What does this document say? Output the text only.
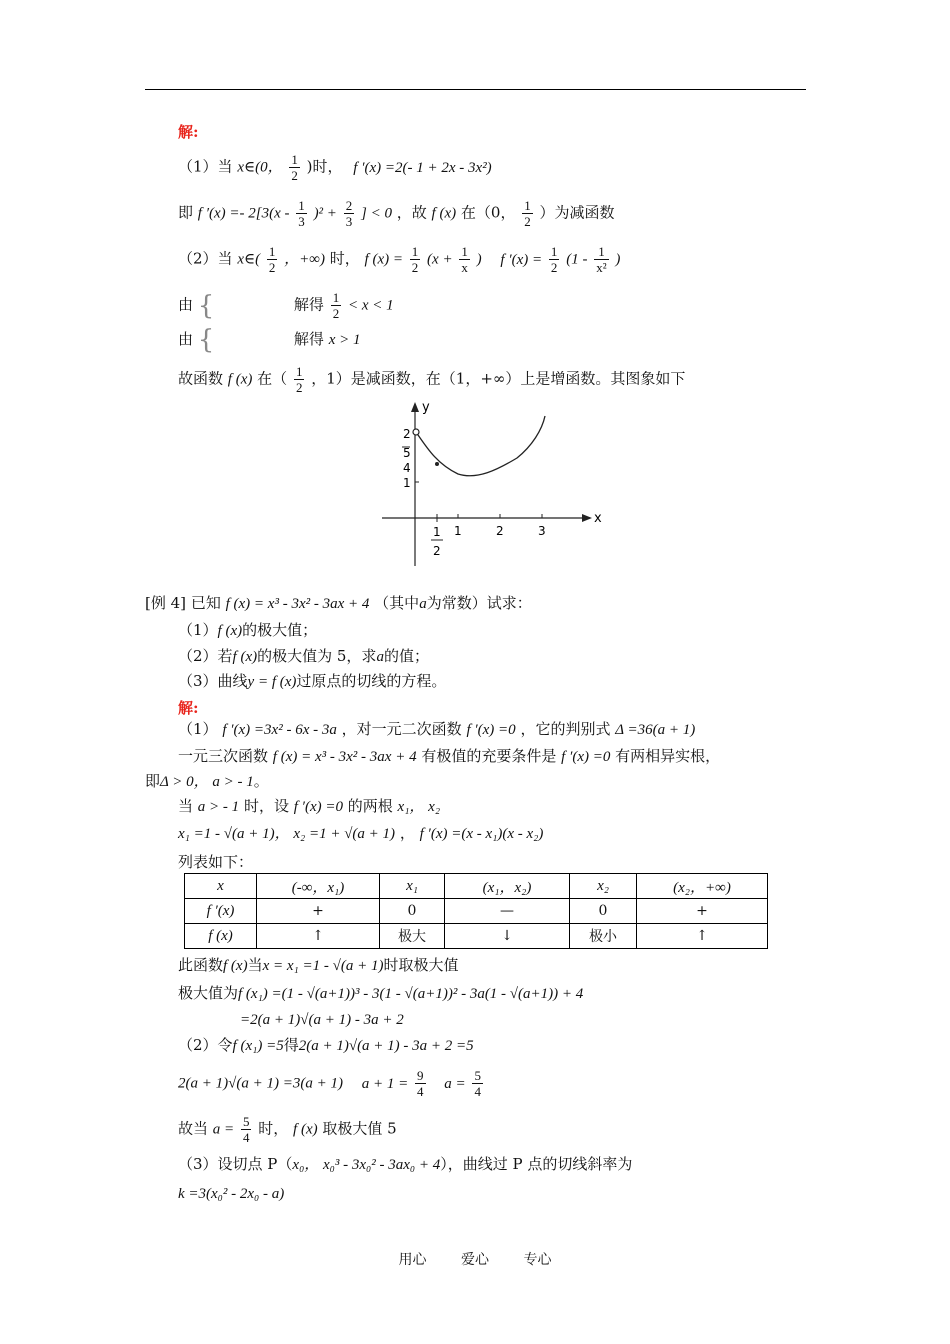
解:
（1）当 x∈(0， $\frac{1}{2}$ )时， f ′(x) =2(- 1 + 2x - 3x²)
即 f $'(x) =- 2[3(x - \frac{1}{3} )^2 + \frac{2}{3}$ ] < 0 ，故 f (x) 在（0， $\frac{1}{2}$ ）为减函数
（2）当 x∈( $\frac{1}{2}$ ，+∞) 时， f $(x) = \frac{1}{2} (x + \frac{1}{x}$ ) f $'(x) = \frac{1}{2} (1 - \frac{1}{\text{x²}}$ )
由 {	解得 $\frac{1}{2} < x < 1$
由 {	解得 x > 1
故函数 f (x) 在（ $\frac{1}{2}$ ，1）是减函数，在（1，+∞）上是增函数。其图象如下
y
x
2
5
4
1
1
2
1	2	3
[例 4] 已知 f (x) = x³ - 3x² - 3ax + 4 （其中a为常数）试求：
（1）f (x)的极大值；
（2）若f (x)的极大值为 5，求a的值；
（3）曲线y = f (x)过原点的切线的方程。
解:
（1） f ′(x) =3x² - 6x - 3a ，对一元二次函数 f ′(x) =0 ，它的判别式 Δ =36(a + 1)
一元三次函数 f (x) = x³ - 3x² - 3ax + 4 有极值的充要条件是 f ′(x) =0 有两相异实根，
即Δ > 0， a > - 1。
当 a > - 1 时，设 f ′(x) =0 的两根 x₁， x₂
x₁ =1 - √(a + 1)， x₂ =1 + √(a + 1) ， f ′(x) =(x - x₁)(x - x₂)
列表如下：
x	(-∞，x₁)	x₁	(x₁，x₂)	x₂	(x₂，+∞)
f ′(x)	+	0	—	0	+
f (x)	↑	极大	↓	极小	↑
此函数f (x)当x = x₁ =1 - √(a + 1)时取极大值
极大值为f (x₁) =(1 - √(a+1))³ - 3(1 - √(a+1))² - 3a(1 - √(a+1)) + 4
=2(a + 1)√(a + 1) - 3a + 2
（2）令f (x₁) =5得2(a + 1)√(a + 1) - 3a + 2 =5
2(a + 1)√(a + 1) =3(a + 1) $a + 1 = \frac{9}{4}$ $a = \frac{5}{4}$
故当 $a = \frac{5}{4}$ 时， f (x) 取极大值 5
（3）设切点 P（x₀， x₀³ - 3x₀² - 3ax₀ + 4），曲线过 P 点的切线斜率为
k =3(x₀² - 2x₀ - a)
用心 爱心 专心
